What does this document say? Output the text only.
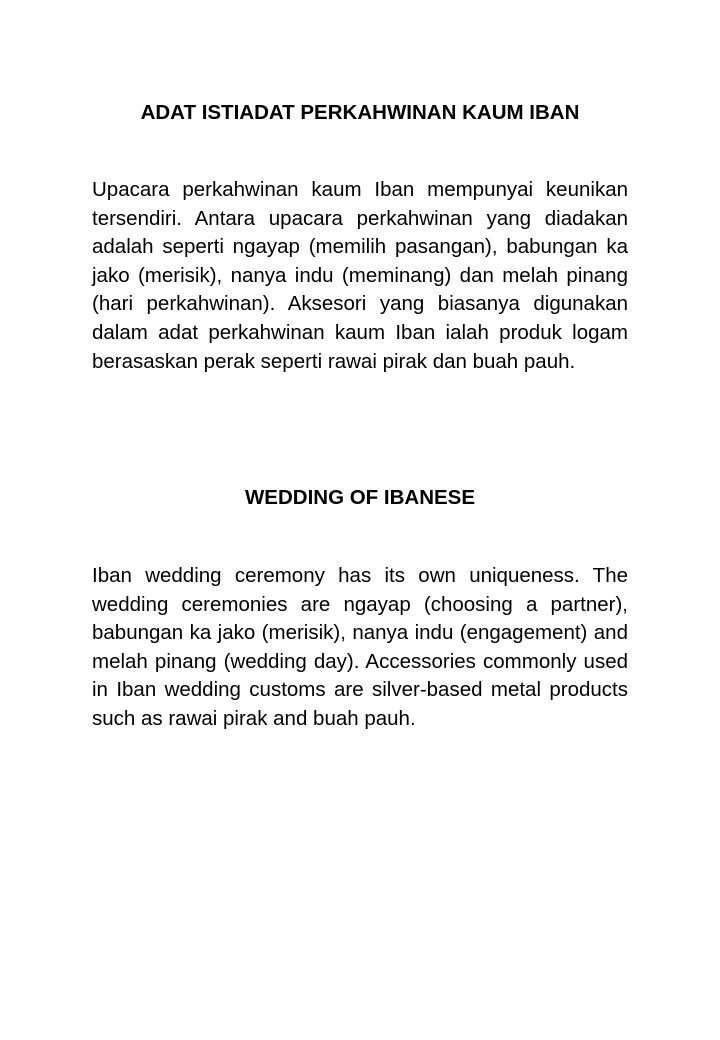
ADAT ISTIADAT PERKAHWINAN KAUM IBAN

Upacara perkahwinan kaum Iban mempunyai keunikan tersendiri. Antara upacara perkahwinan yang diadakan adalah seperti ngayap (memilih pasangan), babungan ka jako (merisik), nanya indu (meminang) dan melah pinang (hari perkahwinan). Aksesori yang biasanya digunakan dalam adat perkahwinan kaum Iban ialah produk logam berasaskan perak seperti rawai pirak dan buah pauh.

WEDDING OF IBANESE

Iban wedding ceremony has its own uniqueness. The wedding ceremonies are ngayap (choosing a partner), babungan ka jako (merisik), nanya indu (engagement) and melah pinang (wedding day). Accessories commonly used in Iban wedding customs are silver-based metal products such as rawai pirak and buah pauh.
